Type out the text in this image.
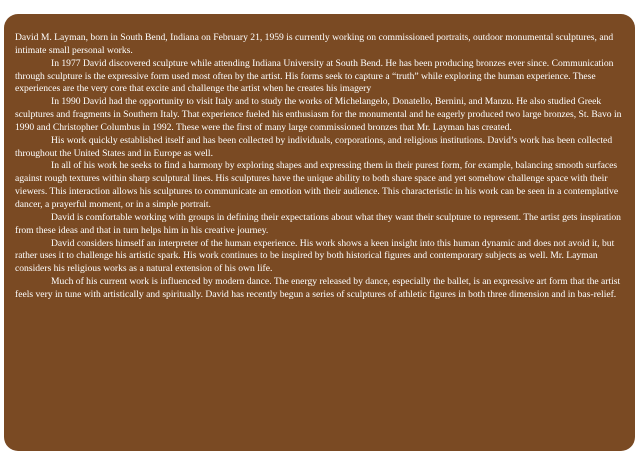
David M. Layman, born in South Bend, Indiana on February 21, 1959 is currently working on commissioned portraits, outdoor monumental sculptures, and intimate small personal works.

In 1977 David discovered sculpture while attending Indiana University at South Bend. He has been producing bronzes ever since. Communication through sculpture is the expressive form used most often by the artist. His forms seek to capture a “truth” while exploring the human experience. These experiences are the very core that excite and challenge the artist when he creates his imagery

In 1990 David had the opportunity to visit Italy and to study the works of Michelangelo, Donatello, Bernini, and Manzu. He also studied Greek sculptures and fragments in Southern Italy. That experience fueled his enthusiasm for the monumental and he eagerly produced two large bronzes, St. Bavo in 1990 and Christopher Columbus in 1992. These were the first of many large commissioned bronzes that Mr. Layman has created.

His work quickly established itself and has been collected by individuals, corporations, and religious institutions. David’s work has been collected throughout the United States and in Europe as well.

In all of his work he seeks to find a harmony by exploring shapes and expressing them in their purest form, for example, balancing smooth surfaces against rough textures within sharp sculptural lines. His sculptures have the unique ability to both share space and yet somehow challenge space with their viewers. This interaction allows his sculptures to communicate an emotion with their audience. This characteristic in his work can be seen in a contemplative dancer, a prayerful moment, or in a simple portrait.

David is comfortable working with groups in defining their expectations about what they want their sculpture to represent. The artist gets inspiration from these ideas and that in turn helps him in his creative journey.

David considers himself an interpreter of the human experience. His work shows a keen insight into this human dynamic and does not avoid it, but rather uses it to challenge his artistic spark. His work continues to be inspired by both historical figures and contemporary subjects as well. Mr. Layman considers his religious works as a natural extension of his own life.

Much of his current work is influenced by modern dance. The energy released by dance, especially the ballet, is an expressive art form that the artist feels very in tune with artistically and spiritually. David has recently begun a series of sculptures of athletic figures in both three dimension and in bas-relief.
